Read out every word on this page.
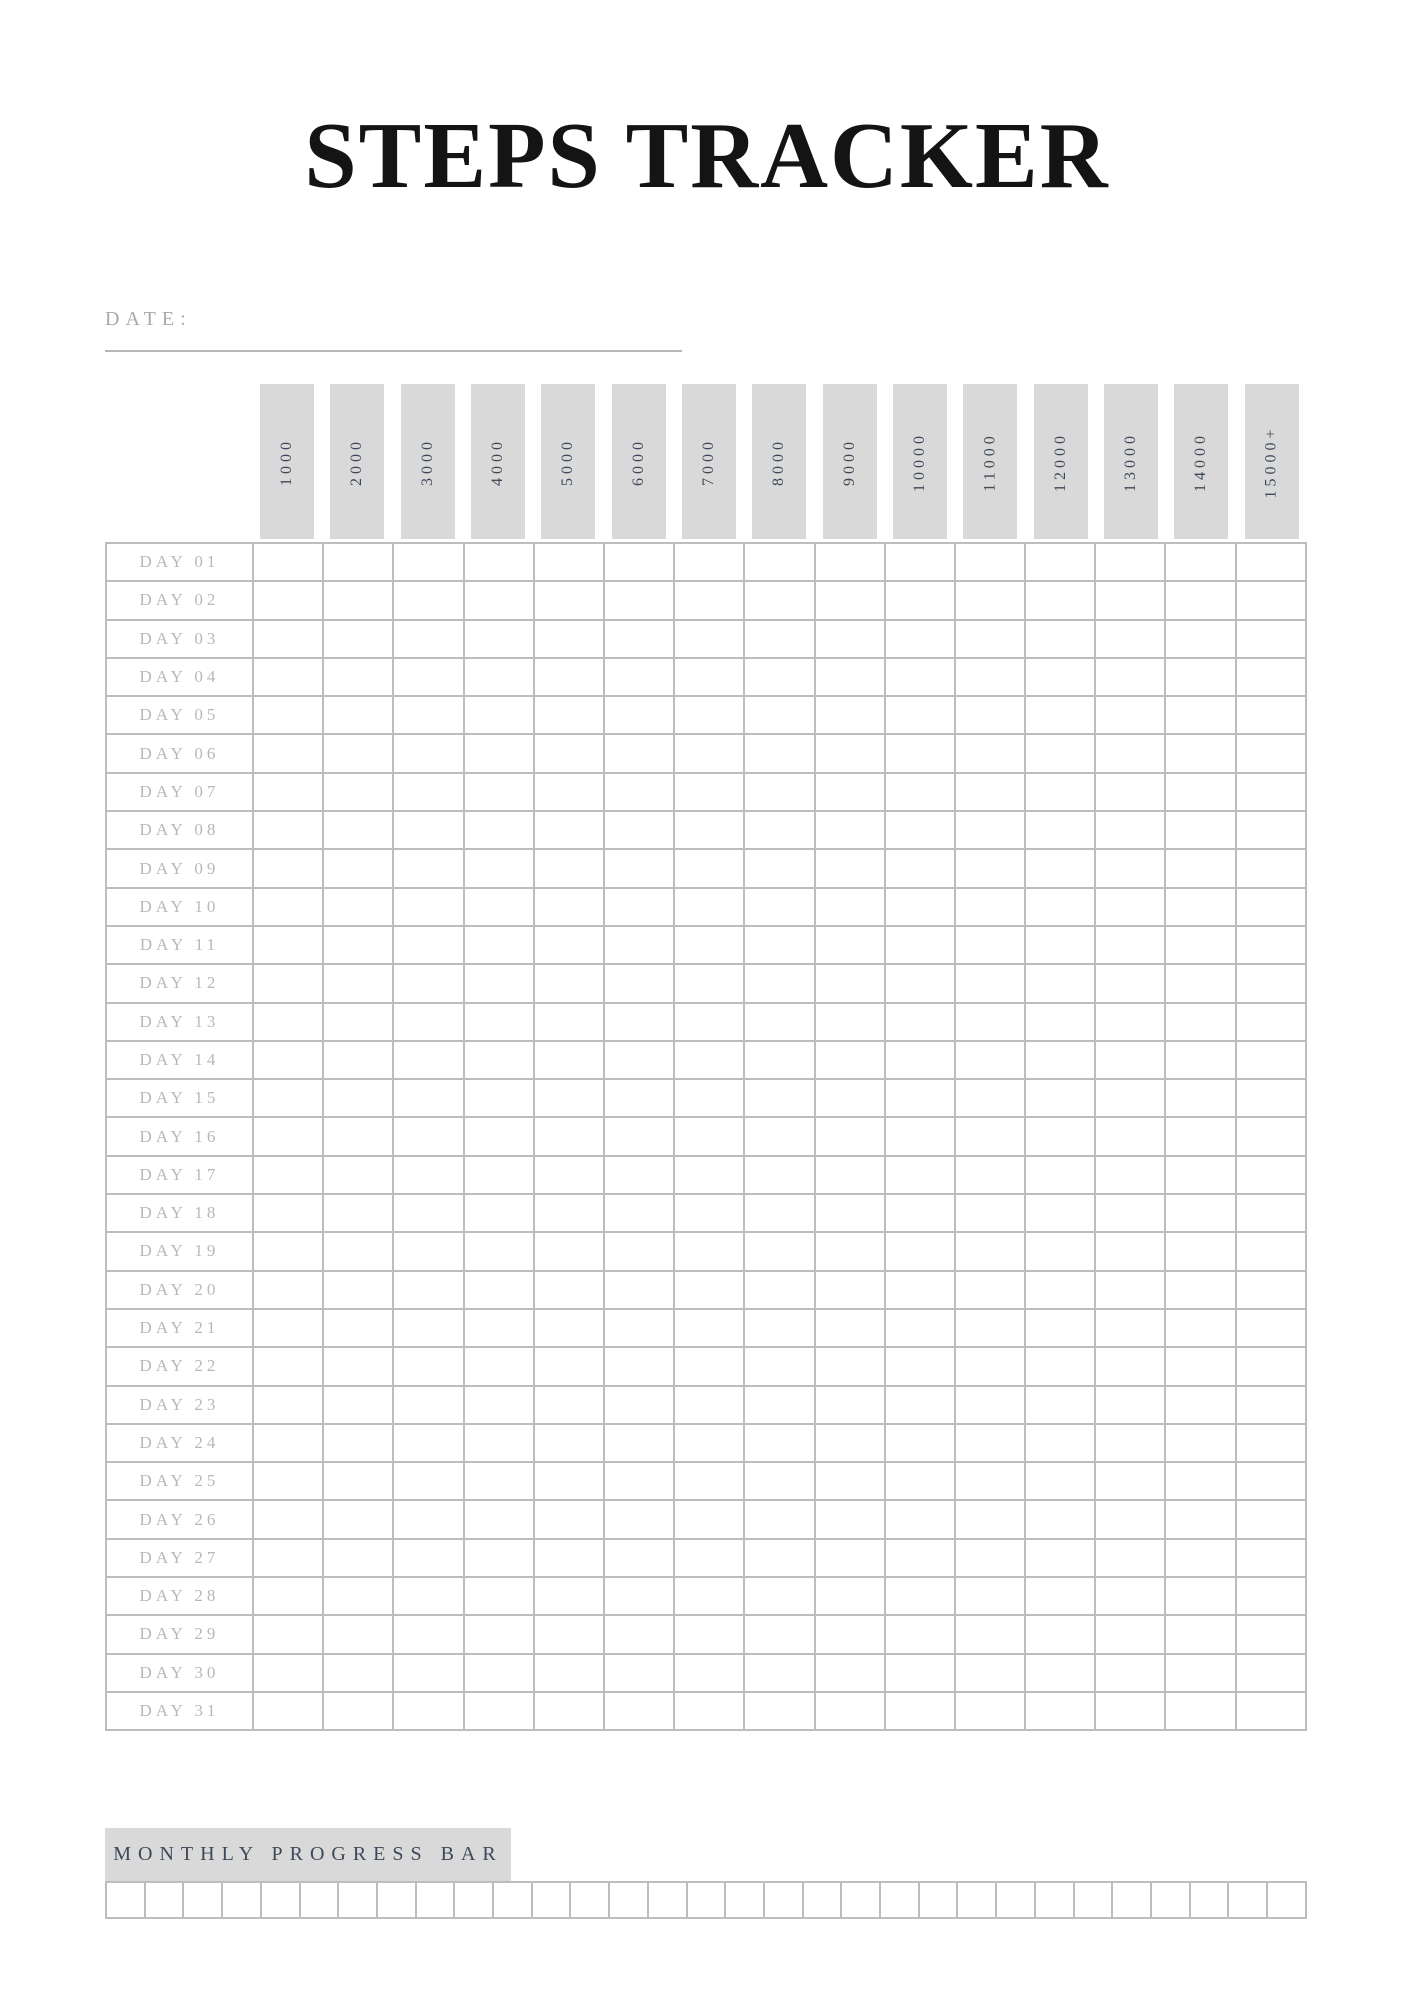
STEPS TRACKER
DATE:
1000	2000	3000	4000	5000	6000	7000	8000	9000	10000	11000	12000	13000	14000	15000+
DAY 01															
DAY 02															
DAY 03															
DAY 04															
DAY 05															
DAY 06															
DAY 07															
DAY 08															
DAY 09															
DAY 10															
DAY 11															
DAY 12															
DAY 13															
DAY 14															
DAY 15															
DAY 16															
DAY 17															
DAY 18															
DAY 19															
DAY 20															
DAY 21															
DAY 22															
DAY 23															
DAY 24															
DAY 25															
DAY 26															
DAY 27															
DAY 28															
DAY 29															
DAY 30															
DAY 31															
MONTHLY PROGRESS BAR
